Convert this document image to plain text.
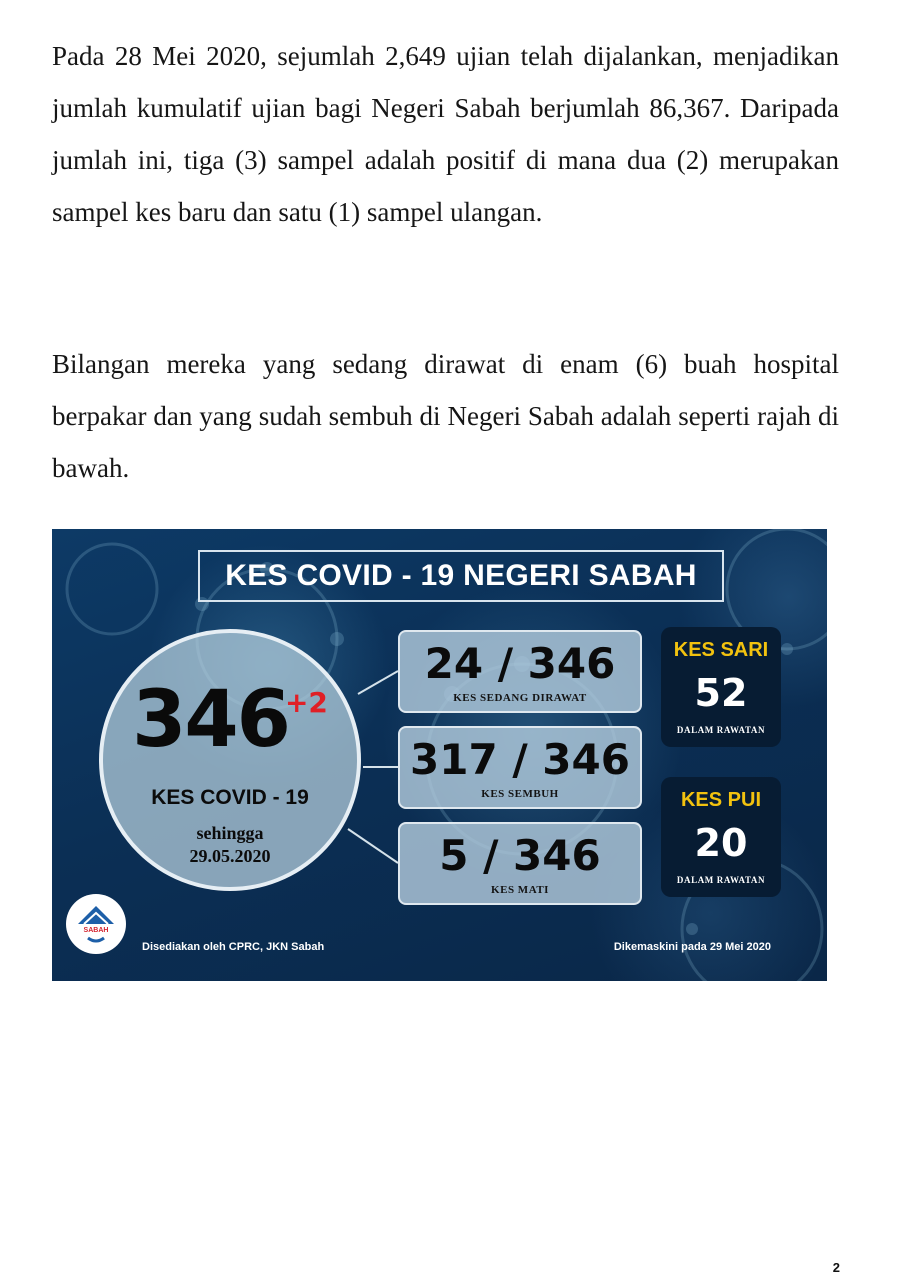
Pada 28 Mei 2020, sejumlah 2,649 ujian telah dijalankan, menjadikan jumlah kumulatif ujian bagi Negeri Sabah berjumlah 86,367. Daripada jumlah ini, tiga (3) sampel adalah positif di mana dua (2) merupakan sampel kes baru dan satu (1) sampel ulangan.

Bilangan mereka yang sedang dirawat di enam (6) buah hospital berpakar dan yang sudah sembuh di Negeri Sabah adalah seperti rajah di bawah.

KES COVID - 19 NEGERI SABAH
$346^{+2}$
KES COVID - 19
sehingga
29.05.2020
24 / 346
KES SEDANG DIRAWAT
317 / 346
KES SEMBUH
5 / 346
KES MATI
KES SARI
52
DALAM RAWATAN
KES PUI
20
DALAM RAWATAN
SABAH
Disediakan oleh CPRC, JKN Sabah	Dikemaskini pada 29 Mei 2020
2
